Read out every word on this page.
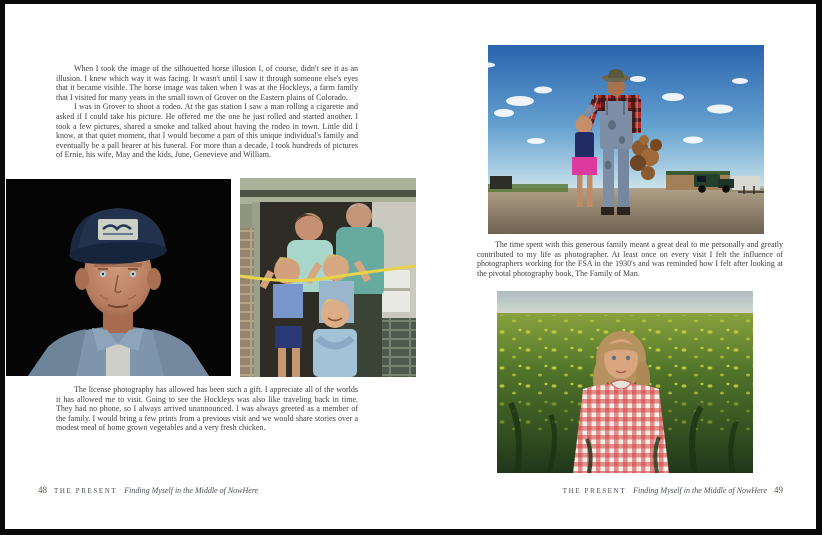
When I took the image of the silhouetted horse illusion I, of course, didn't see it as an illusion. I knew which way it was facing. It wasn't until I saw it through someone else's eyes that it became visible. The horse image was taken when I was at the Hockleys, a farm family that I visited for many years in the small town of Grover on the Eastern plains of Colorado.

I was in Grover to shoot a rodeo. At the gas station I saw a man rolling a cigarette and asked if I could take his picture. He offered me the one he just rolled and started another. I took a few pictures, shared a smoke and talked about having the rodeo in town. Little did I know, at that quiet moment, that I would become a part of this unique individual's family and eventually be a pall bearer at his funeral. For more than a decade, I took hundreds of pictures of Ernie, his wife, May and the kids, June, Genevieve and William.

The license photography has allowed has been such a gift. I appreciate all of the worlds it has allowed me to visit. Going to see the Hockleys was also like traveling back in time. They had no phone, so I always arrived unannounced. I was always greeted as a member of the family. I would bring a few prints from a previous visit and we would share stories over a modest meal of home grown vegetables and a very fresh chicken.

48 THE PRESENT Finding Myself in the Middle of NowHere

The time spent with this generous family meant a great deal to me personally and greatly contributed to my life as photographer. At least once on every visit I felt the influence of photographers working for the FSA in the 1930's and was reminded how I felt after looking at the pivotal photography book, The Family of Man.

THE PRESENT Finding Myself in the Middle of NowHere 49
